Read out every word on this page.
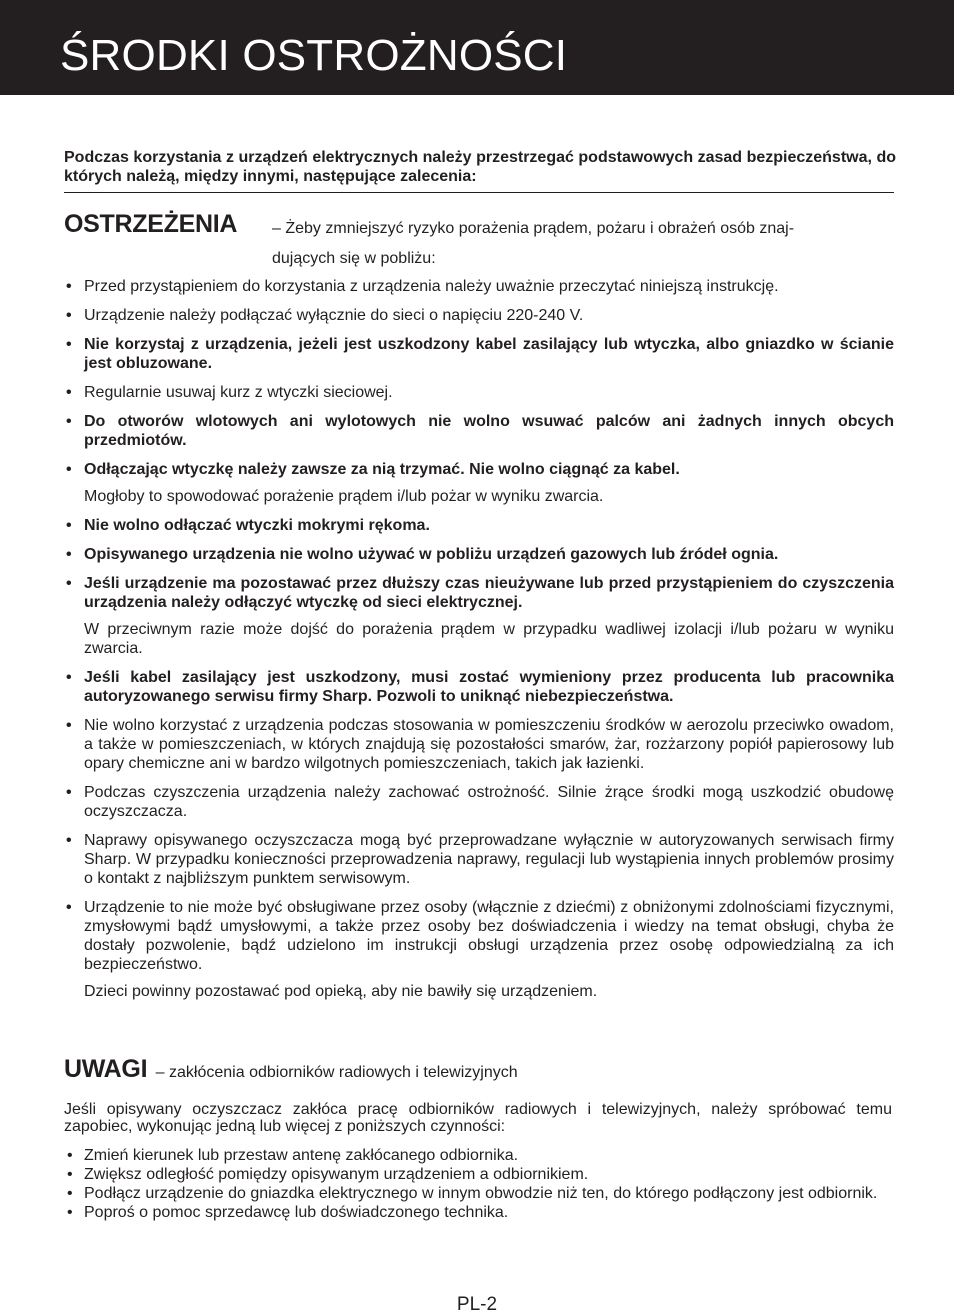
ŚRODKI OSTROŻNOŚCI

Podczas korzystania z urządzeń elektrycznych należy przestrzegać podstawowych zasad bezpieczeństwa, do których należą, między innymi, następujące zalecenia:

OSTRZEŻENIA – Żeby zmniejszyć ryzyko porażenia prądem, pożaru i obrażeń osób znaj-
dujących się w pobliżu:
• Przed przystąpieniem do korzystania z urządzenia należy uważnie przeczytać niniejszą instrukcję.
• Urządzenie należy podłączać wyłącznie do sieci o napięciu 220-240 V.
• Nie korzystaj z urządzenia, jeżeli jest uszkodzony kabel zasilający lub wtyczka, albo gniazdko w ścianie jest obluzowane.
• Regularnie usuwaj kurz z wtyczki sieciowej.
• Do otworów wlotowych ani wylotowych nie wolno wsuwać palców ani żadnych innych obcych przedmiotów.
• Odłączając wtyczkę należy zawsze za nią trzymać. Nie wolno ciągnąć za kabel.
Mogłoby to spowodować porażenie prądem i/lub pożar w wyniku zwarcia.
• Nie wolno odłączać wtyczki mokrymi rękoma.
• Opisywanego urządzenia nie wolno używać w pobliżu urządzeń gazowych lub źródeł ognia.
• Jeśli urządzenie ma pozostawać przez dłuższy czas nieużywane lub przed przystąpieniem do czyszczenia urządzenia należy odłączyć wtyczkę od sieci elektrycznej.
W przeciwnym razie może dojść do porażenia prądem w przypadku wadliwej izolacji i/lub pożaru w wyniku zwarcia.
• Jeśli kabel zasilający jest uszkodzony, musi zostać wymieniony przez producenta lub pracownika autoryzowanego serwisu firmy Sharp. Pozwoli to uniknąć niebezpieczeństwa.
• Nie wolno korzystać z urządzenia podczas stosowania w pomieszczeniu środków w aerozolu przeciwko owadom, a także w pomieszczeniach, w których znajdują się pozostałości smarów, żar, rozżarzony popiół papierosowy lub opary chemiczne ani w bardzo wilgotnych pomieszczeniach, takich jak łazienki.
• Podczas czyszczenia urządzenia należy zachować ostrożność. Silnie żrące środki mogą uszkodzić obudowę oczyszczacza.
• Naprawy opisywanego oczyszczacza mogą być przeprowadzane wyłącznie w autoryzowanych serwisach firmy Sharp. W przypadku konieczności przeprowadzenia naprawy, regulacji lub wystąpienia innych problemów prosimy o kontakt z najbliższym punktem serwisowym.
• Urządzenie to nie może być obsługiwane przez osoby (włącznie z dziećmi) z obniżonymi zdolnościami fizycznymi, zmysłowymi bądź umysłowymi, a także przez osoby bez doświadczenia i wiedzy na temat obsługi, chyba że dostały pozwolenie, bądź udzielono im instrukcji obsługi urządzenia przez osobę odpowiedzialną za ich bezpieczeństwo.
Dzieci powinny pozostawać pod opieką, aby nie bawiły się urządzeniem.
UWAGI – zakłócenia odbiorników radiowych i telewizyjnych

Jeśli opisywany oczyszczacz zakłóca pracę odbiorników radiowych i telewizyjnych, należy spróbować temu zapobiec, wykonując jedną lub więcej z poniższych czynności:

• Zmień kierunek lub przestaw antenę zakłócanego odbiornika.
• Zwiększ odległość pomiędzy opisywanym urządzeniem a odbiornikiem.
• Podłącz urządzenie do gniazdka elektrycznego w innym obwodzie niż ten, do którego podłączony jest odbiornik.
• Poproś o pomoc sprzedawcę lub doświadczonego technika.
PL-2
